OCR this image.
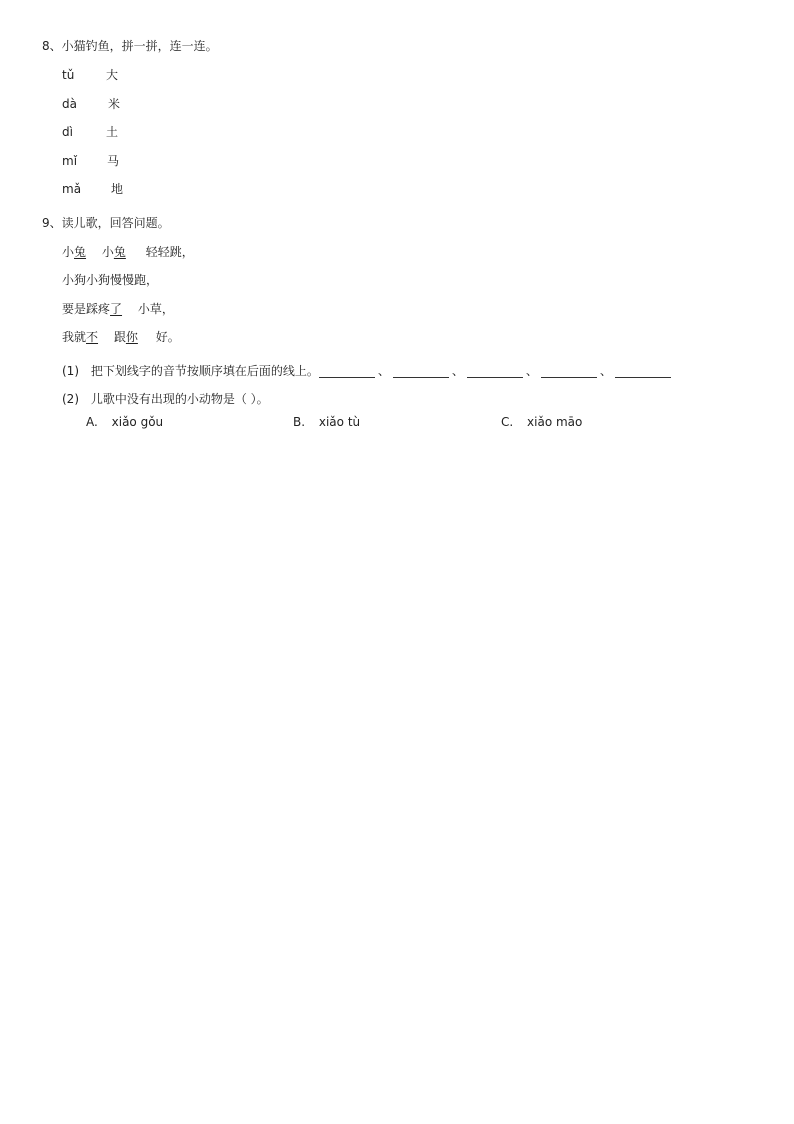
8、小猫钓鱼，拼一拼，连一连。
tǔ	大
dà	米
dì	土
mǐ 马
mǎ 地
9、读儿歌，回答问题。
小兔 小兔 轻轻跳，
小狗小狗慢慢跑，
要是踩疼了 小草，
我就不 跟你 好。
(1) 把下划线字的音节按顺序填在后面的线上。	、	、	、	、
(2) 儿歌中没有出现的小动物是（ ）。
A. xiǎo gǒu	B. xiǎo tù	C. xiǎo māo
